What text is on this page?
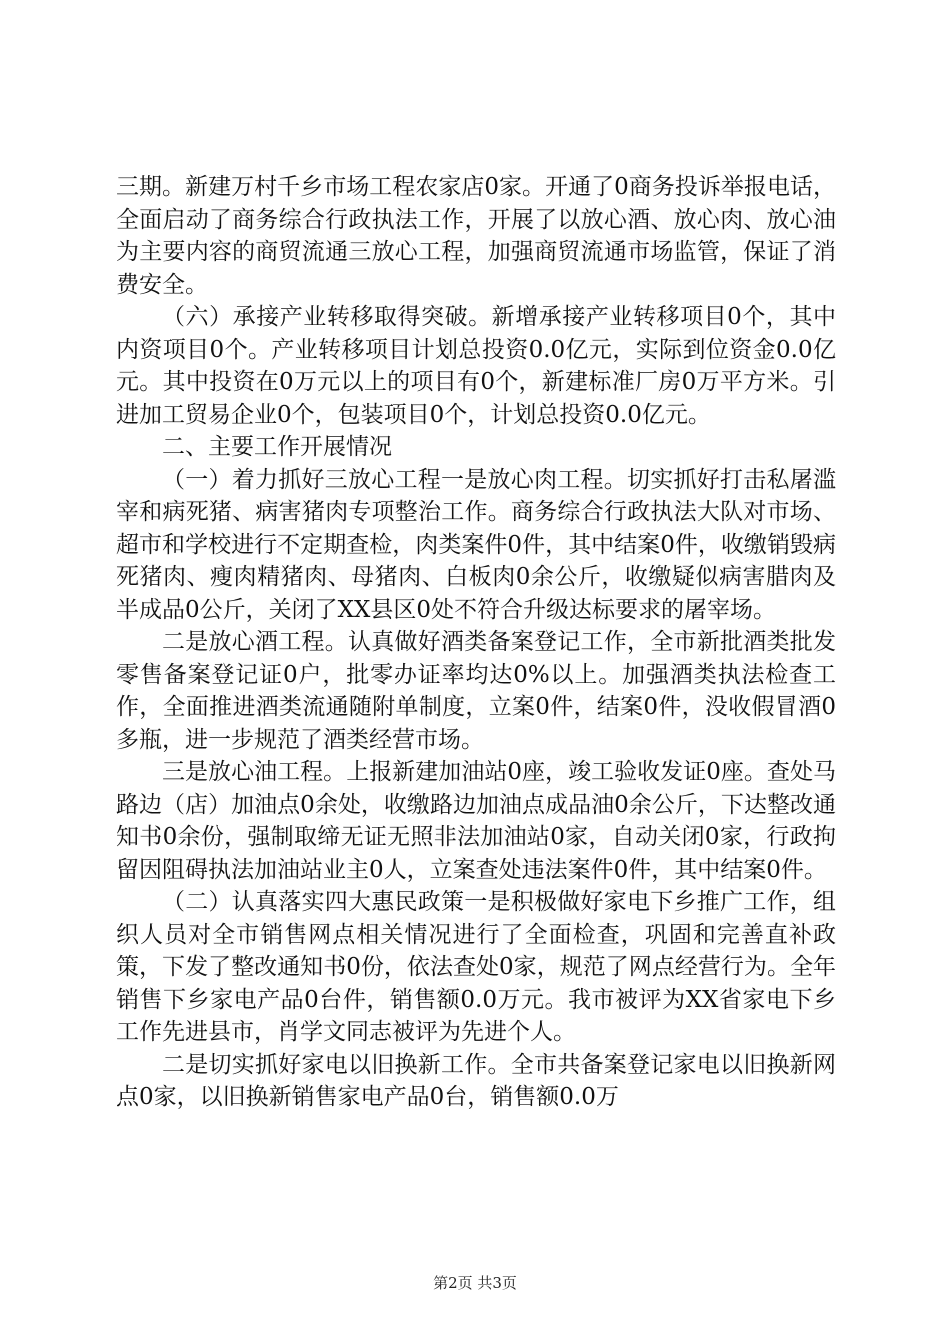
三期。新建万村千乡市场工程农家店0家。开通了0商务投诉举报电话，全面启动了商务综合行政执法工作，开展了以放心酒、放心肉、放心油为主要内容的商贸流通三放心工程，加强商贸流通市场监管，保证了消费安全。

（六）承接产业转移取得突破。新增承接产业转移项目0个，其中内资项目0个。产业转移项目计划总投资0.0亿元，实际到位资金0.0亿元。其中投资在0万元以上的项目有0个，新建标准厂房0万平方米。引进加工贸易企业0个，包装项目0个，计划总投资0.0亿元。

二、主要工作开展情况

（一）着力抓好三放心工程一是放心肉工程。切实抓好打击私屠滥宰和病死猪、病害猪肉专项整治工作。商务综合行政执法大队对市场、超市和学校进行不定期查检，肉类案件0件，其中结案0件，收缴销毁病死猪肉、瘦肉精猪肉、母猪肉、白板肉0余公斤，收缴疑似病害腊肉及半成品0公斤，关闭了XX县区0处不符合升级达标要求的屠宰场。

二是放心酒工程。认真做好酒类备案登记工作，全市新批酒类批发零售备案登记证0户，批零办证率均达0%以上。加强酒类执法检查工作，全面推进酒类流通随附单制度，立案0件，结案0件，没收假冒酒0多瓶，进一步规范了酒类经营市场。

三是放心油工程。上报新建加油站0座，竣工验收发证0座。查处马路边（店）加油点0余处，收缴路边加油点成品油0余公斤，下达整改通知书0余份，强制取缔无证无照非法加油站0家，自动关闭0家，行政拘留因阻碍执法加油站业主0人，立案查处违法案件0件，其中结案0件。

（二）认真落实四大惠民政策一是积极做好家电下乡推广工作，组织人员对全市销售网点相关情况进行了全面检查，巩固和完善直补政策，下发了整改通知书0份，依法查处0家，规范了网点经营行为。全年销售下乡家电产品0台件，销售额0.0万元。我市被评为XX省家电下乡工作先进县市，肖学文同志被评为先进个人。

二是切实抓好家电以旧换新工作。全市共备案登记家电以旧换新网点0家，以旧换新销售家电产品0台，销售额0.0万

第2页 共3页
